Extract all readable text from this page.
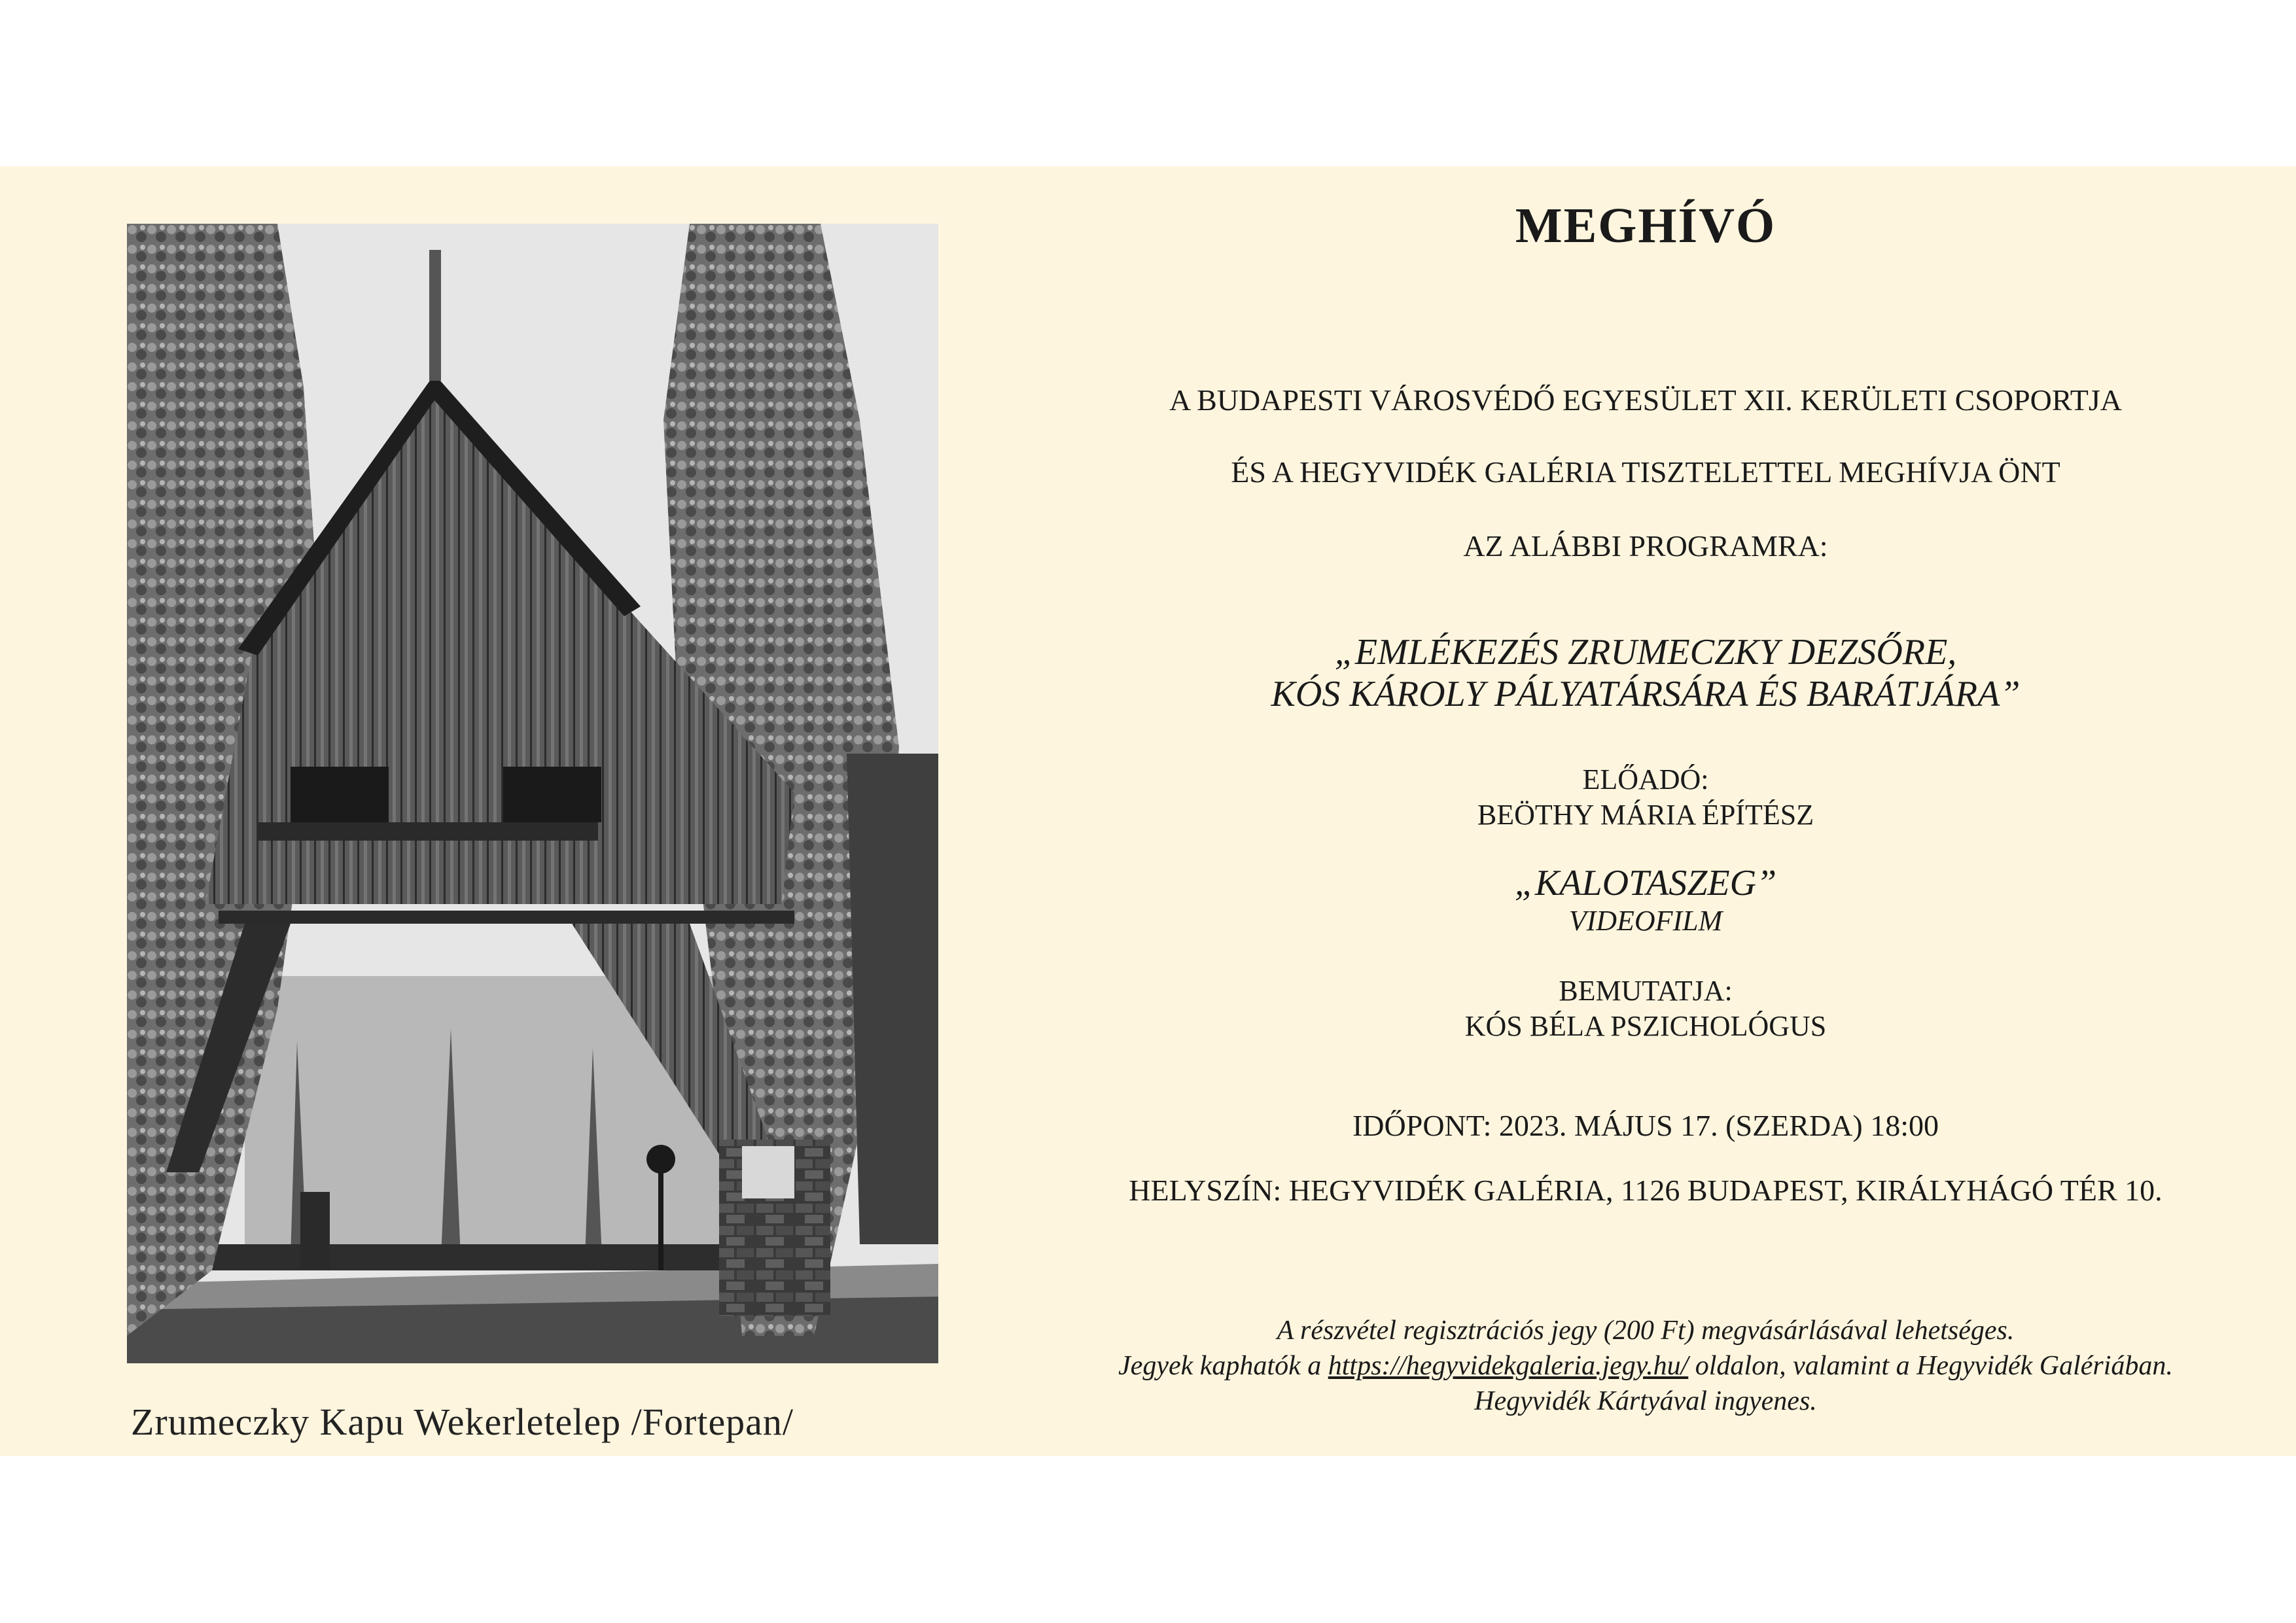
Zrumeczky Kapu Wekerletelep /Fortepan/
MEGHÍVÓ
A BUDAPESTI VÁROSVÉDŐ EGYESÜLET XII. KERÜLETI CSOPORTJA
ÉS A HEGYVIDÉK GALÉRIA TISZTELETTEL MEGHÍVJA ÖNT
AZ ALÁBBI PROGRAMRA:
„EMLÉKEZÉS ZRUMECZKY DEZSŐRE,
KÓS KÁROLY PÁLYATÁRSÁRA ÉS BARÁTJÁRA”
ELŐADÓ:
BEÖTHY MÁRIA ÉPÍTÉSZ
„KALOTASZEG”
VIDEOFILM
BEMUTATJA:
KÓS BÉLA PSZICHOLÓGUS
IDŐPONT: 2023. MÁJUS 17. (SZERDA) 18:00
HELYSZÍN: HEGYVIDÉK GALÉRIA, 1126 BUDAPEST, KIRÁLYHÁGÓ TÉR 10.
A részvétel regisztrációs jegy (200 Ft) megvásárlásával lehetséges.
Jegyek kaphatók a https://hegyvidekgaleria.jegy.hu/ oldalon, valamint a Hegyvidék Galériában.
Hegyvidék Kártyával ingyenes.
